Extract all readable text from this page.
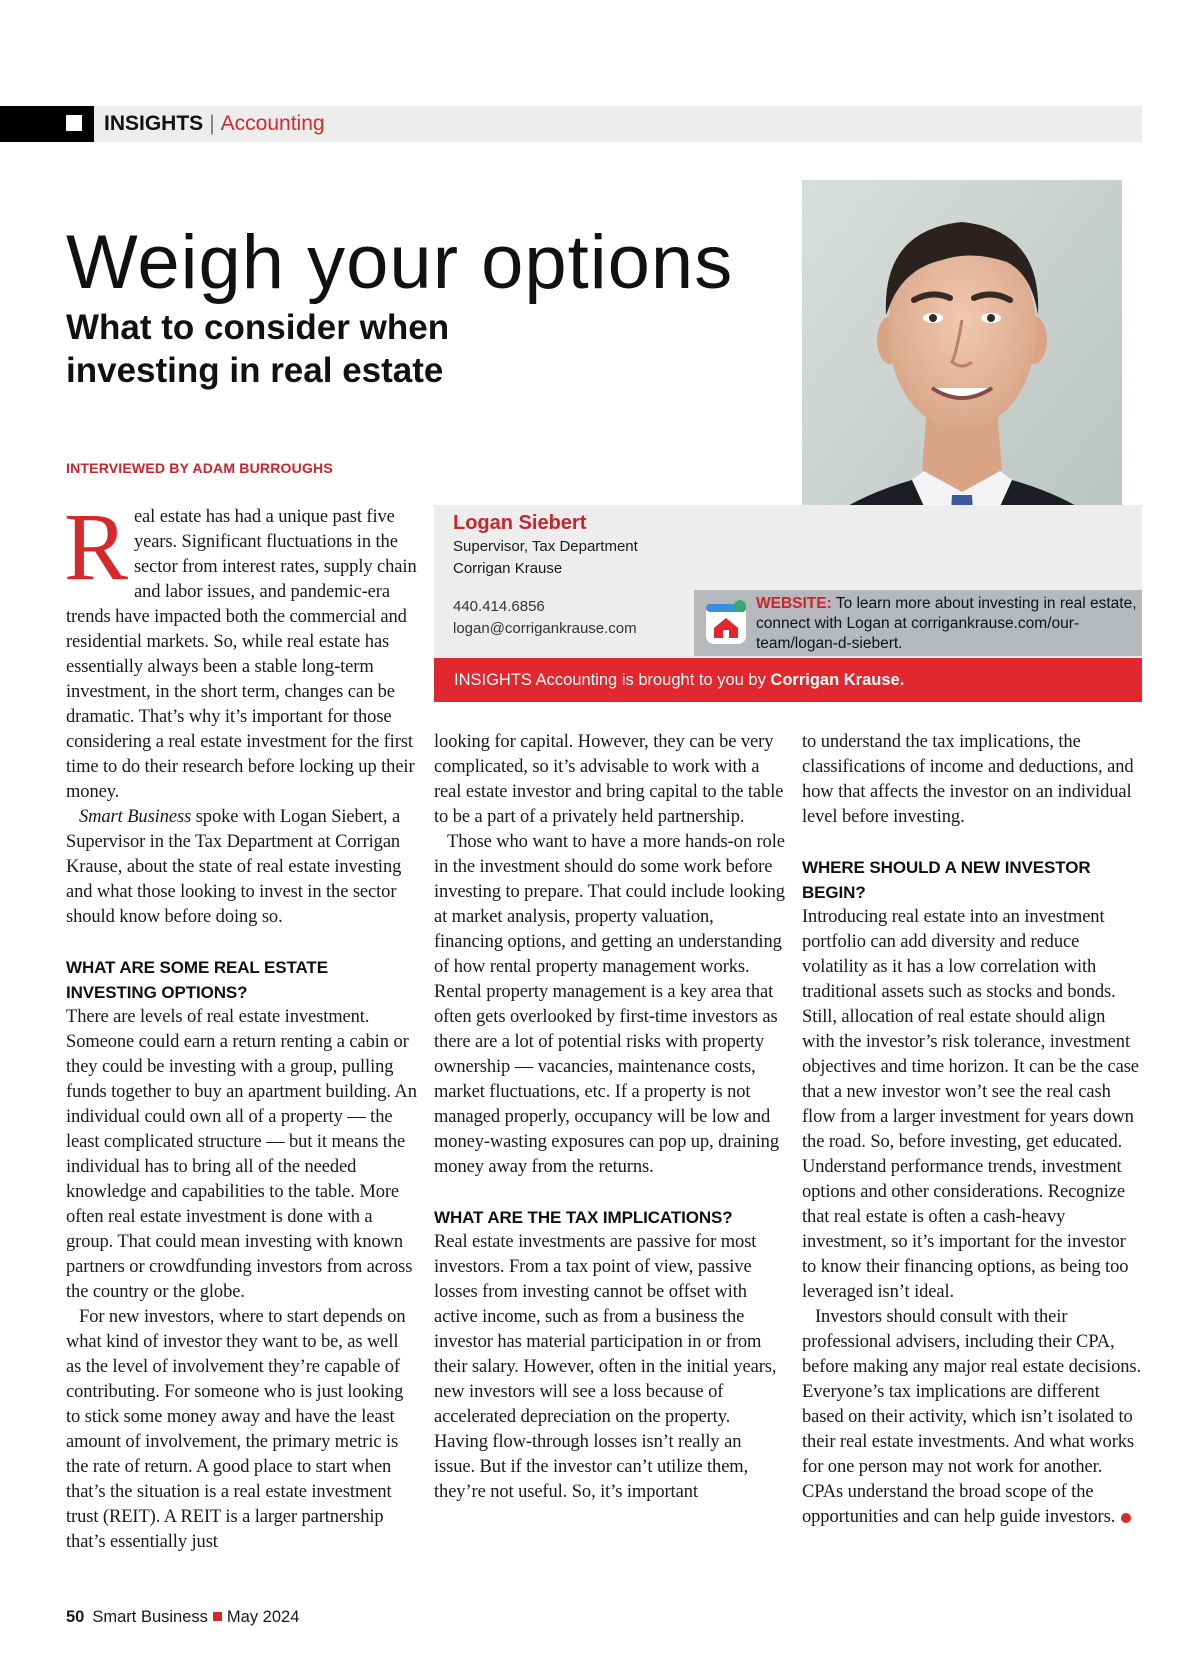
INSIGHTS | Accounting
Weigh your options
What to consider when investing in real estate
INTERVIEWED BY ADAM BURROUGHS
Logan Siebert
Supervisor, Tax Department
Corrigan Krause
440.414.6856
logan@corrigankrause.com
WEBSITE: To learn more about investing in real estate, connect with Logan at corrigankrause.com/our-team/logan-d-siebert.
INSIGHTS Accounting is brought to you by Corrigan Krause.

Real estate has had a unique past five years. Significant fluctuations in the sector from interest rates, supply chain and labor issues, and pandemic-era trends have impacted both the commercial and residential markets. So, while real estate has essentially always been a stable long-term investment, in the short term, changes can be dramatic. That’s why it’s important for those considering a real estate investment for the first time to do their research before locking up their money.

Smart Business spoke with Logan Siebert, a Supervisor in the Tax Department at Corrigan Krause, about the state of real estate investing and what those looking to invest in the sector should know before doing so.

WHAT ARE SOME REAL ESTATE INVESTING OPTIONS?

There are levels of real estate investment. Someone could earn a return renting a cabin or they could be investing with a group, pulling funds together to buy an apartment building. An individual could own all of a property — the least complicated structure — but it means the individual has to bring all of the needed knowledge and capabilities to the table. More often real estate investment is done with a group. That could mean investing with known partners or crowdfunding investors from across the country or the globe.

For new investors, where to start depends on what kind of investor they want to be, as well as the level of involvement they’re capable of contributing. For someone who is just looking to stick some money away and have the least amount of involvement, the primary metric is the rate of return. A good place to start when that’s the situation is a real estate investment trust (REIT). A REIT is a larger partnership that’s essentially just

looking for capital. However, they can be very complicated, so it’s advisable to work with a real estate investor and bring capital to the table to be a part of a privately held partnership.

Those who want to have a more hands-on role in the investment should do some work before investing to prepare. That could include looking at market analysis, property valuation, financing options, and getting an understanding of how rental property management works. Rental property management is a key area that often gets overlooked by first-time investors as there are a lot of potential risks with property ownership — vacancies, maintenance costs, market fluctuations, etc. If a property is not managed properly, occupancy will be low and money-wasting exposures can pop up, draining money away from the returns.

WHAT ARE THE TAX IMPLICATIONS?

Real estate investments are passive for most investors. From a tax point of view, passive losses from investing cannot be offset with active income, such as from a business the investor has material participation in or from their salary. However, often in the initial years, new investors will see a loss because of accelerated depreciation on the property. Having flow-through losses isn’t really an issue. But if the investor can’t utilize them, they’re not useful. So, it’s important

to understand the tax implications, the classifications of income and deductions, and how that affects the investor on an individual level before investing.

WHERE SHOULD A NEW INVESTOR BEGIN?

Introducing real estate into an investment portfolio can add diversity and reduce volatility as it has a low correlation with traditional assets such as stocks and bonds. Still, allocation of real estate should align with the investor’s risk tolerance, investment objectives and time horizon. It can be the case that a new investor won’t see the real cash flow from a larger investment for years down the road. So, before investing, get educated. Understand performance trends, investment options and other considerations. Recognize that real estate is often a cash-heavy investment, so it’s important for the investor to know their financing options, as being too leveraged isn’t ideal.

Investors should consult with their professional advisers, including their CPA, before making any major real estate decisions. Everyone’s tax implications are different based on their activity, which isn’t isolated to their real estate investments. And what works for one person may not work for another. CPAs understand the broad scope of the opportunities and can help guide investors.

50 Smart Business May 2024
